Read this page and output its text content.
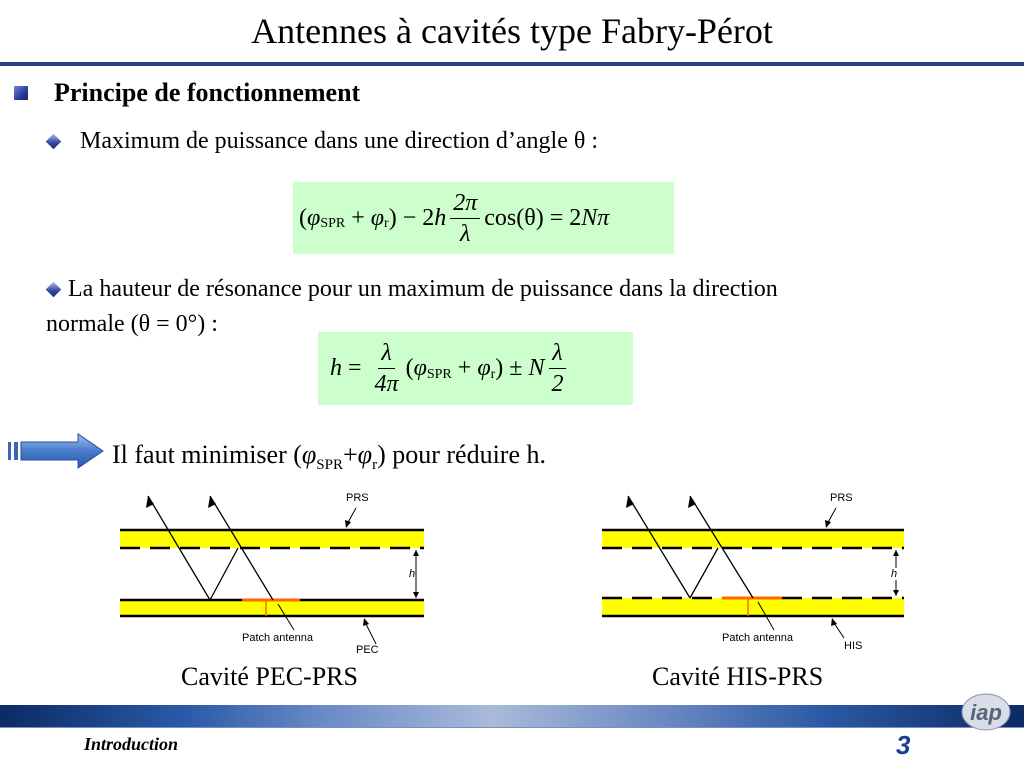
Antennes à cavités type Fabry-Pérot
Principe de fonctionnement
Maximum de puissance dans une direction d’angle θ :
( φ SPR + φ r ) − 2 h $\frac{2\pi}{\lambda} \cos(\theta) = 2$ Nπ
La hauteur de résonance pour un maximum de puissance dans la direction
normale (θ = 0°) :
$h = \frac{\lambda}{4\pi}$ ( φ SPR + φ r ) ± N $\frac{\lambda}{2}$
Il faut minimiser $(\varphi_{SPR}+\varphi_r)$ pour réduire h.
PRS
h
Patch antenna
PEC
Cavité PEC-PRS
PRS
h
Patch antenna
HIS
Cavité HIS-PRS
iap
Introduction	3
